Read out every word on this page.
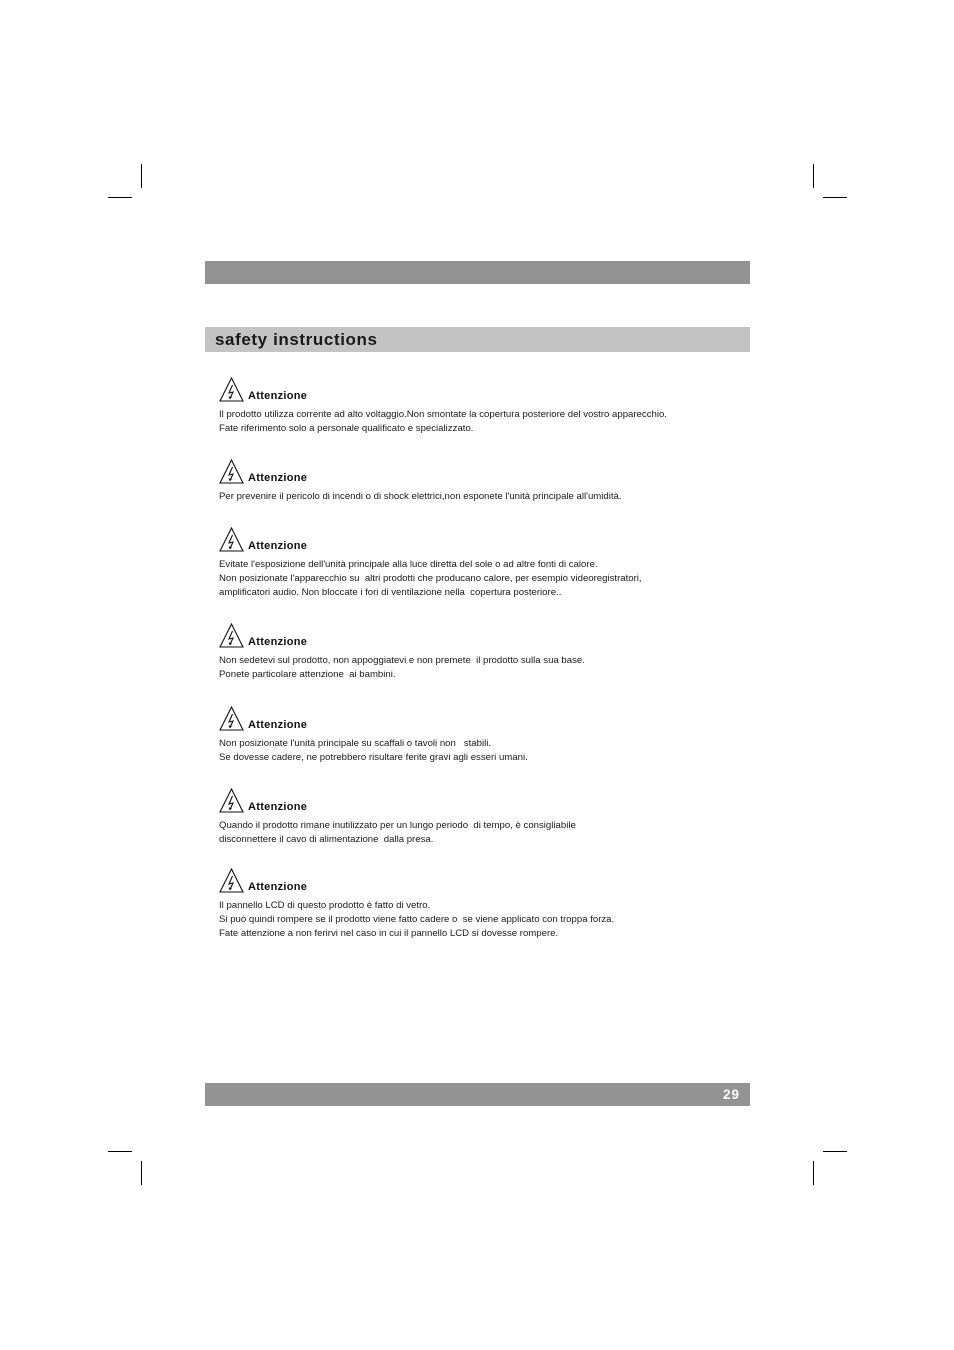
safety instructions
Attenzione
Il prodotto utilizza corrente ad alto voltaggio.Non smontate la copertura posteriore del vostro apparecchio.
Fate riferimento solo a personale qualificato e specializzato.
Attenzione
Per prevenire il pericolo di incendi o di shock elettrici,non esponete l'unità principale all'umidità.
Attenzione
Evitate l'esposizione dell'unità principale alla luce diretta del sole o ad altre fonti di calore.
Non posizionate l'apparecchio su  altri prodotti che producano calore, per esempio videoregistratori,
amplificatori audio. Non bloccate i fori di ventilazione nella  copertura posteriore..
Attenzione
Non sedetevi sul prodotto, non appoggiatevi e non premete  il prodotto sulla sua base.
Ponete particolare attenzione  ai bambini.
Attenzione
Non posizionate l'unità principale su scaffali o tavoli non   stabili.
Se dovesse cadere, ne potrebbero risultare ferite gravi agli esseri umani.
Attenzione
Quando il prodotto rimane inutilizzato per un lungo periodo  di tempo, è consigliabile
disconnettere il cavo di alimentazione  dalla presa.
Attenzione
Il pannello LCD di questo prodotto è fatto di vetro.
Si può quindi rompere se il prodotto viene fatto cadere o  se viene applicato con troppa forza.
Fate attenzione a non ferirvi nel caso in cui il pannello LCD si dovesse rompere.
29
